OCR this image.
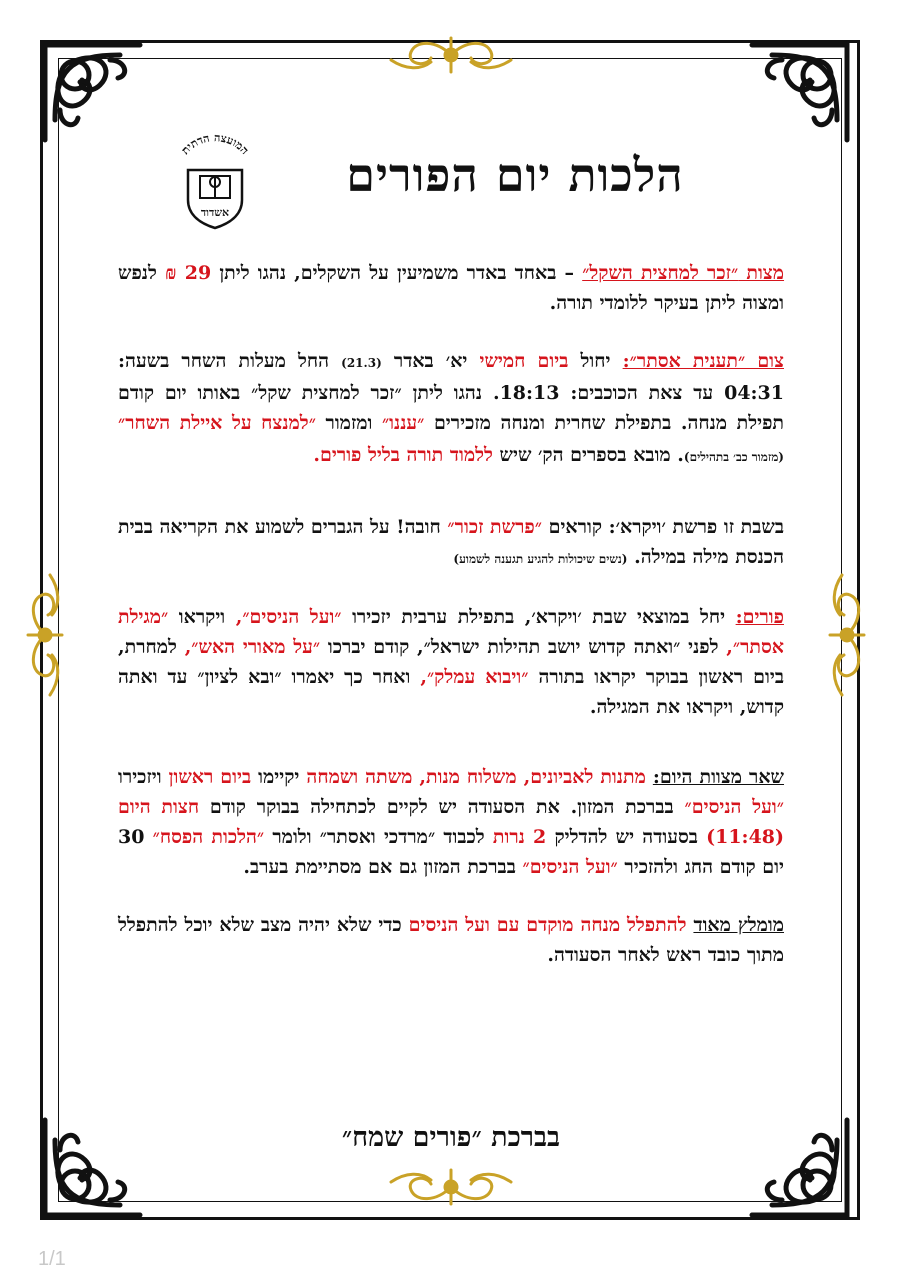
המועצה הדתית
אשדוד
הלכות יום הפורים

מצות ״זכר למחצית השקל״ – באחד באדר משמיעין על השקלים, נהגו ליתן 29 ₪ לנפש ומצוה ליתן בעיקר ללומדי תורה.

צום ״תענית אסתר״: יחול ביום חמישי יא׳ באדר (21.3) החל מעלות השחר בשעה: 04:31 עד צאת הכוכבים: 18:13. נהגו ליתן ״זכר למחצית שקל״ באותו יום קודם תפילת מנחה. בתפילת שחרית ומנחה מזכירים ״עננו״ ומזמור ״למנצח על איילת השחר״ (מזמור כב׳ בתהילים). מובא בספרים הק׳ שיש ללמוד תורה בליל פורים.

בשבת זו פרשת ׳ויקרא׳: קוראים ״פרשת זכור״ חובה! על הגברים לשמוע את הקריאה בבית הכנסת מילה במילה. (נשים שיכולות להגיע תגענה לשמוע)

פורים: יחל במוצאי שבת ׳ויקרא׳, בתפילת ערבית יזכירו ״ועל הניסים״, ויקראו ״מגילת אסתר״, לפני ״ואתה קדוש יושב תהילות ישראל״, קודם יברכו ״על מאורי האש״, למחרת, ביום ראשון בבוקר יקראו בתורה ״ויבוא עמלק״, ואחר כך יאמרו ״ובא לציון״ עד ואתה קדוש, ויקראו את המגילה.

שאר מצוות היום: מתנות לאביונים, משלוח מנות, משתה ושמחה יקיימו ביום ראשון ויזכירו ״ועל הניסים״ בברכת המזון. את הסעודה יש לקיים לכתחילה בבוקר קודם חצות היום (11:48) בסעודה יש להדליק 2 נרות לכבוד ״מרדכי ואסתר״ ולומר ״הלכות הפסח״ 30 יום קודם החג ולהזכיר ״ועל הניסים״ בברכת המזון גם אם מסתיימת בערב.

מומלץ מאוד להתפלל מנחה מוקדם עם ועל הניסים כדי שלא יהיה מצב שלא יוכל להתפלל מתוך כובד ראש לאחר הסעודה.

בברכת ״פורים שמח״
1/1
